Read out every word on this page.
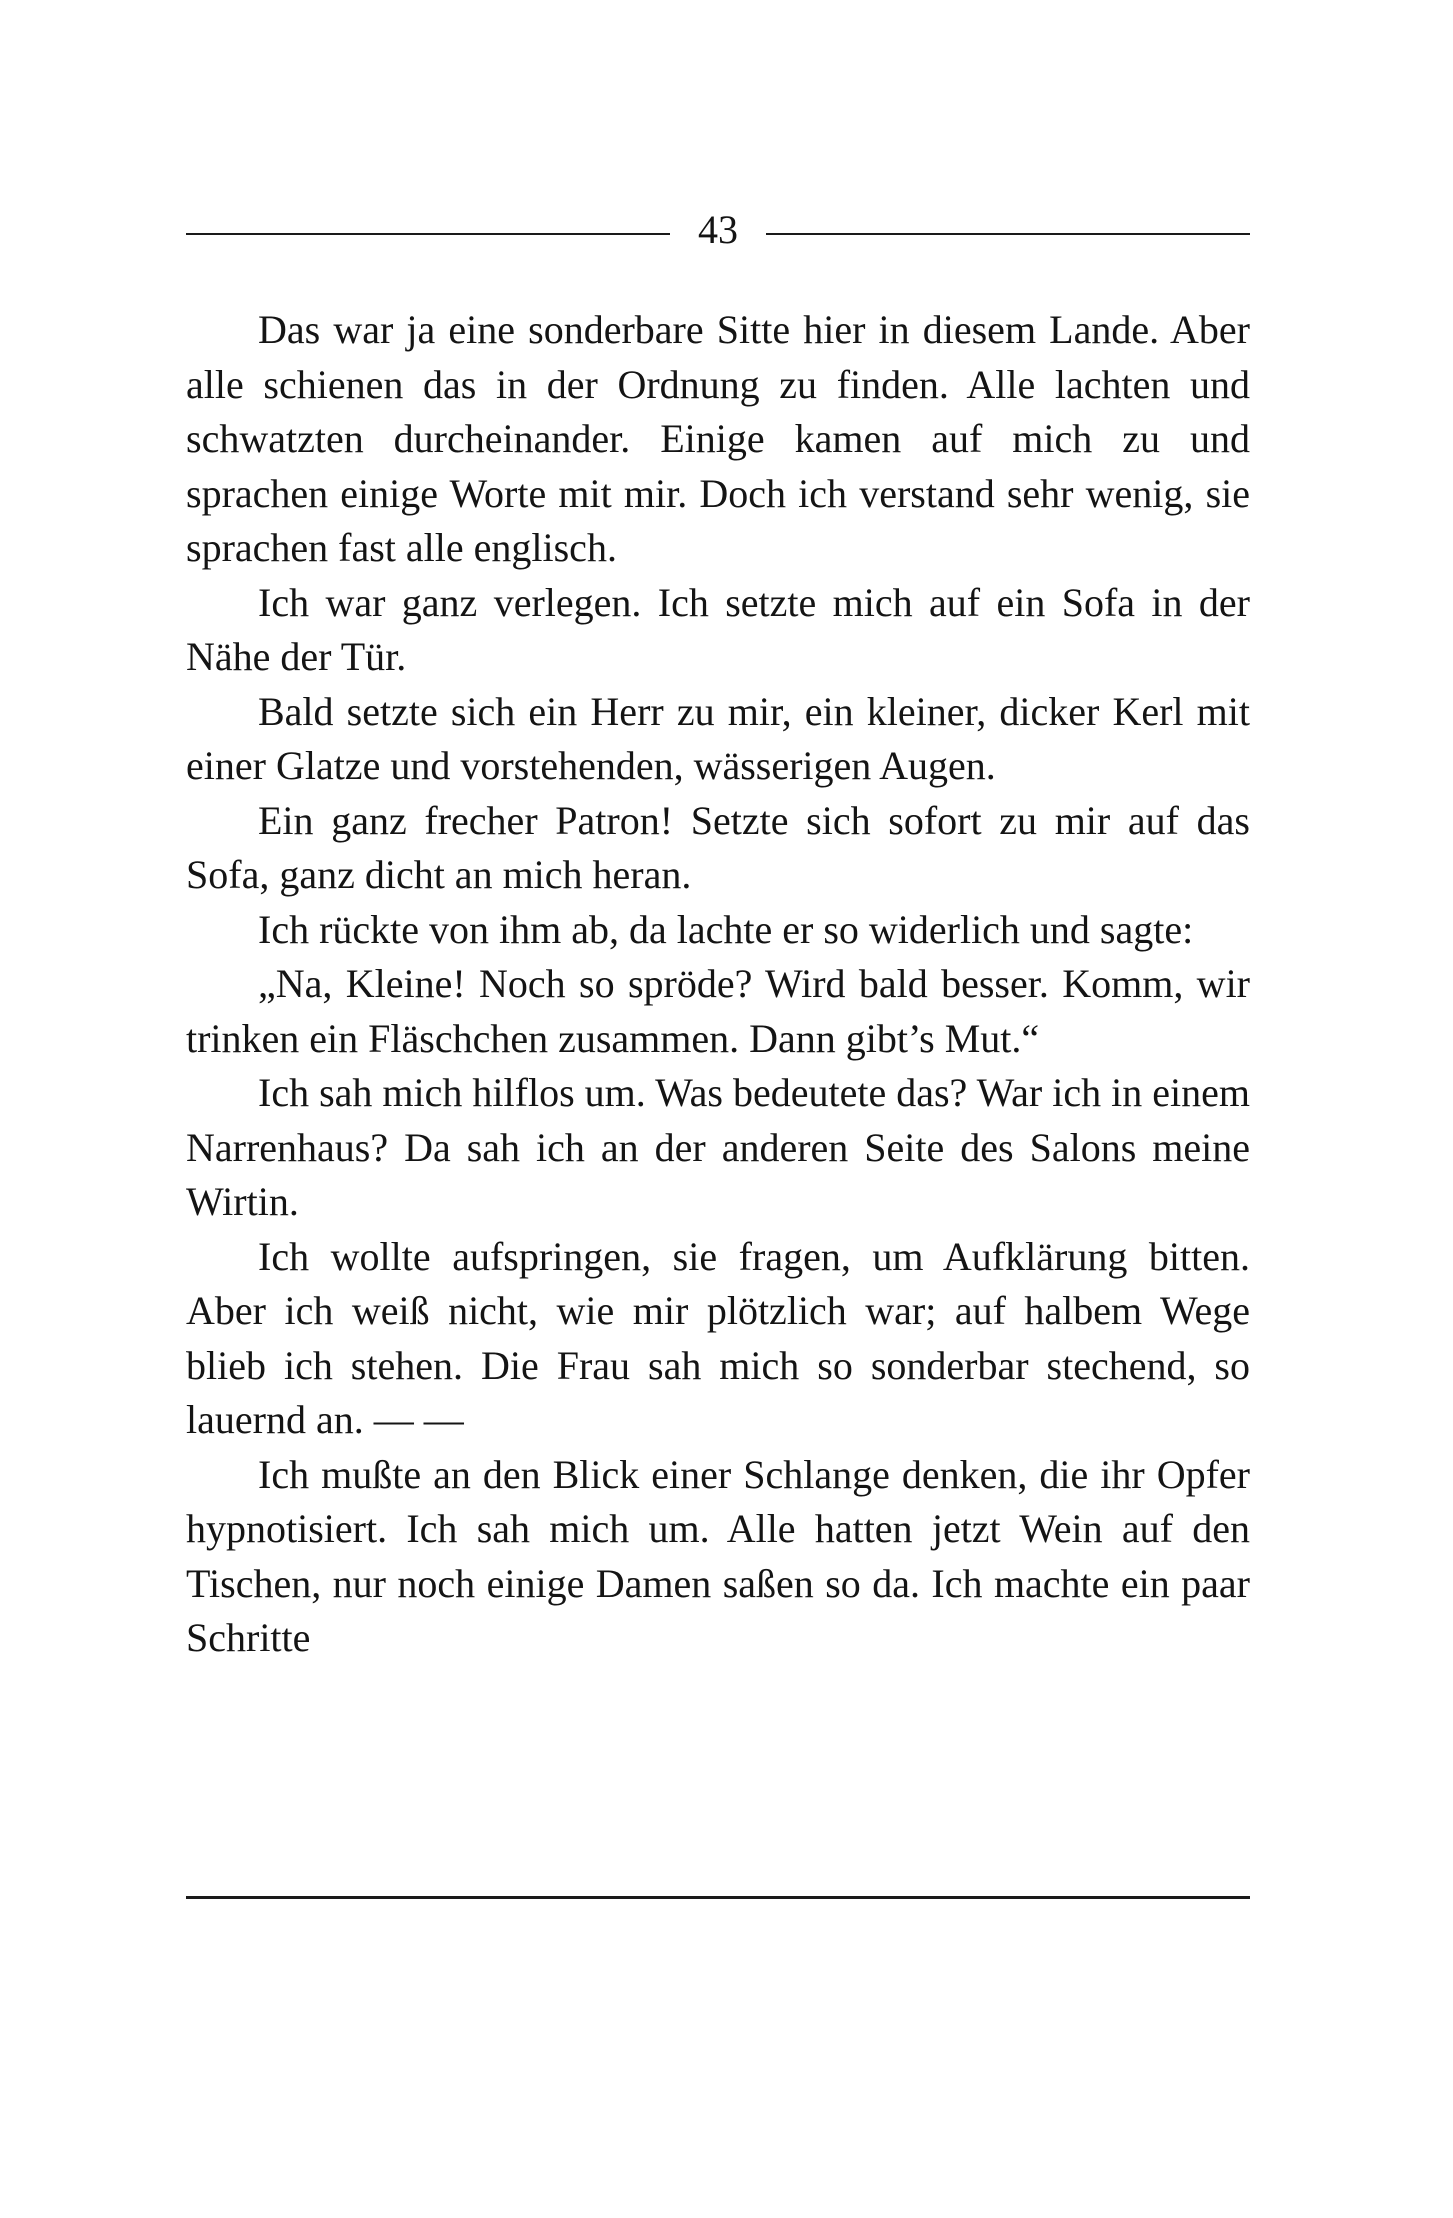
43

Das war ja eine sonderbare Sitte hier in diesem Lande. Aber alle schienen das in der Ordnung zu finden. Alle lachten und schwatzten durcheinander. Einige kamen auf mich zu und sprachen einige Worte mit mir. Doch ich verstand sehr wenig, sie sprachen fast alle englisch.

Ich war ganz verlegen. Ich setzte mich auf ein Sofa in der Nähe der Tür.

Bald setzte sich ein Herr zu mir, ein kleiner, dicker Kerl mit einer Glatze und vorstehenden, wässerigen Augen.

Ein ganz frecher Patron! Setzte sich sofort zu mir auf das Sofa, ganz dicht an mich heran.

Ich rückte von ihm ab, da lachte er so widerlich und sagte:

„Na, Kleine! Noch so spröde? Wird bald besser. Komm, wir trinken ein Fläschchen zusammen. Dann gibt’s Mut.“

Ich sah mich hilflos um. Was bedeutete das? War ich in einem Narrenhaus? Da sah ich an der anderen Seite des Salons meine Wirtin.

Ich wollte aufspringen, sie fragen, um Aufklärung bitten. Aber ich weiß nicht, wie mir plötzlich war; auf halbem Wege blieb ich stehen. Die Frau sah mich so sonderbar stechend, so lauernd an. — —

Ich mußte an den Blick einer Schlange denken, die ihr Opfer hypnotisiert. Ich sah mich um. Alle hatten jetzt Wein auf den Tischen, nur noch einige Damen saßen so da. Ich machte ein paar Schritte
